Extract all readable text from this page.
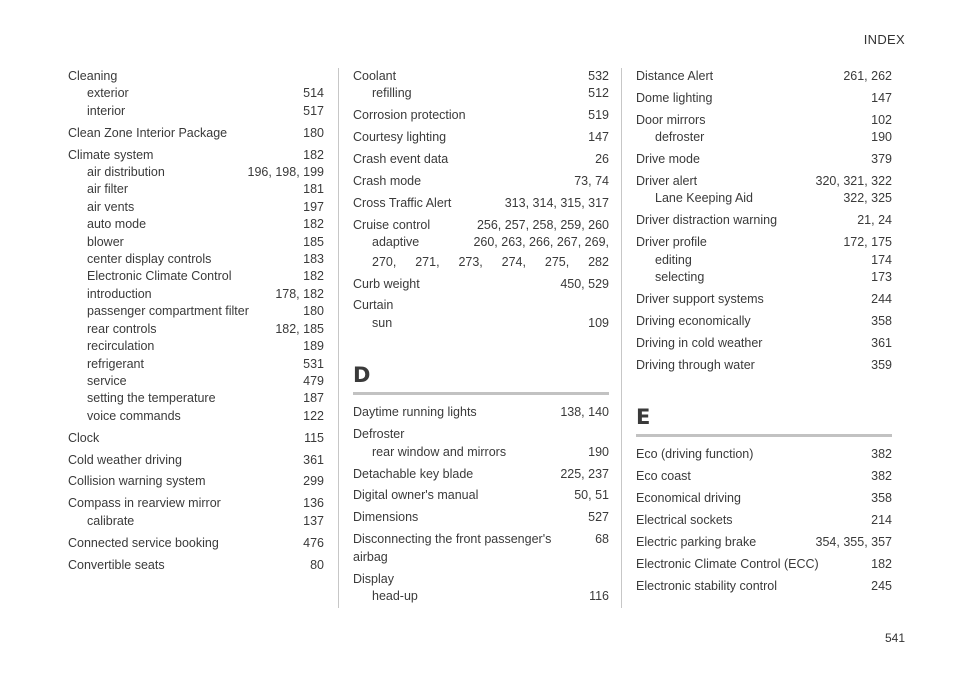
INDEX
Cleaning
exterior	514
interior	517
Clean Zone Interior Package	180
Climate system	182
air distribution	196, 198, 199
air filter	181
air vents	197
auto mode	182
blower	185
center display controls	183
Electronic Climate Control	182
introduction	178, 182
passenger compartment filter	180
rear controls	182, 185
recirculation	189
refrigerant	531
service	479
setting the temperature	187
voice commands	122
Clock	115
Cold weather driving	361
Collision warning system	299
Compass in rearview mirror	136
calibrate	137
Connected service booking	476
Convertible seats	80
Coolant	532
refilling	512
Corrosion protection	519
Courtesy lighting	147
Crash event data	26
Crash mode	73, 74
Cross Traffic Alert	313, 314, 315, 317
Cruise control	256, 257, 258, 259, 260
adaptive	260, 263, 266, 267, 269,
270, 271, 273, 274, 275, 282
Curb weight	450, 529
Curtain
sun	109
D
Daytime running lights	138, 140
Defroster
rear window and mirrors	190
Detachable key blade	225, 237
Digital owner's manual	50, 51
Dimensions	527
Disconnecting the front passenger's airbag
68
Display
head-up	116
Distance Alert	261, 262
Dome lighting	147
Door mirrors	102
defroster	190
Drive mode	379
Driver alert	320, 321, 322
Lane Keeping Aid	322, 325
Driver distraction warning	21, 24
Driver profile	172, 175
editing	174
selecting	173
Driver support systems	244
Driving economically	358
Driving in cold weather	361
Driving through water	359
E
Eco (driving function)	382
Eco coast	382
Economical driving	358
Electrical sockets	214
Electric parking brake	354, 355, 357
Electronic Climate Control (ECC)	182
Electronic stability control	245
541
